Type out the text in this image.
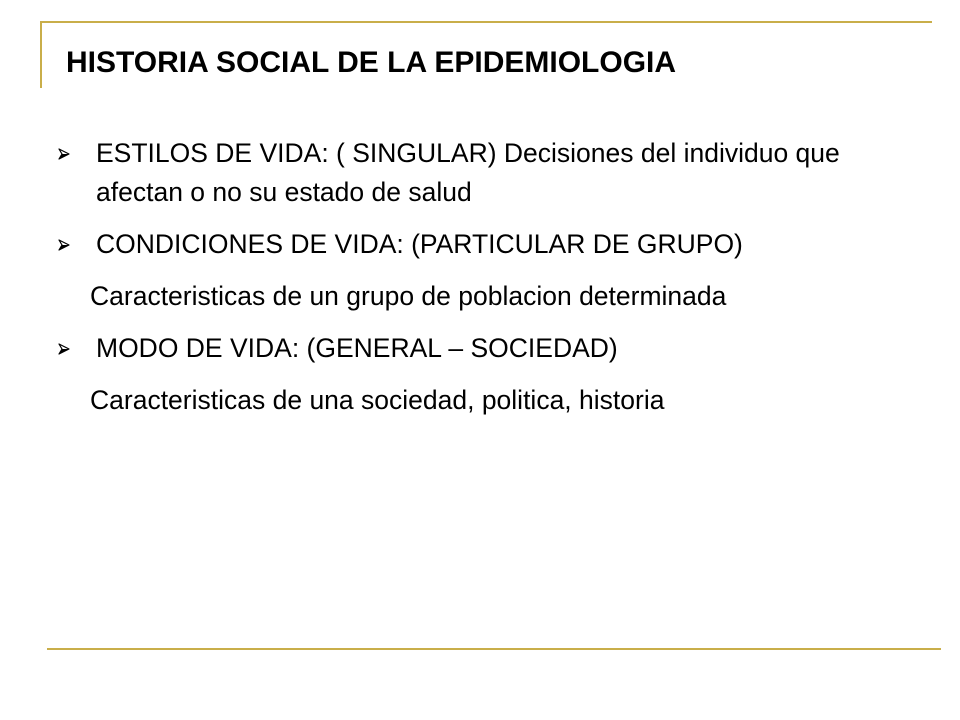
HISTORIA SOCIAL DE LA EPIDEMIOLOGIA
ESTILOS DE VIDA: ( SINGULAR) Decisiones del individuo que afectan o no su estado de salud
CONDICIONES DE VIDA: (PARTICULAR DE GRUPO)
Caracteristicas de un grupo de poblacion determinada
MODO DE VIDA: (GENERAL – SOCIEDAD)
Caracteristicas de una sociedad, politica, historia
